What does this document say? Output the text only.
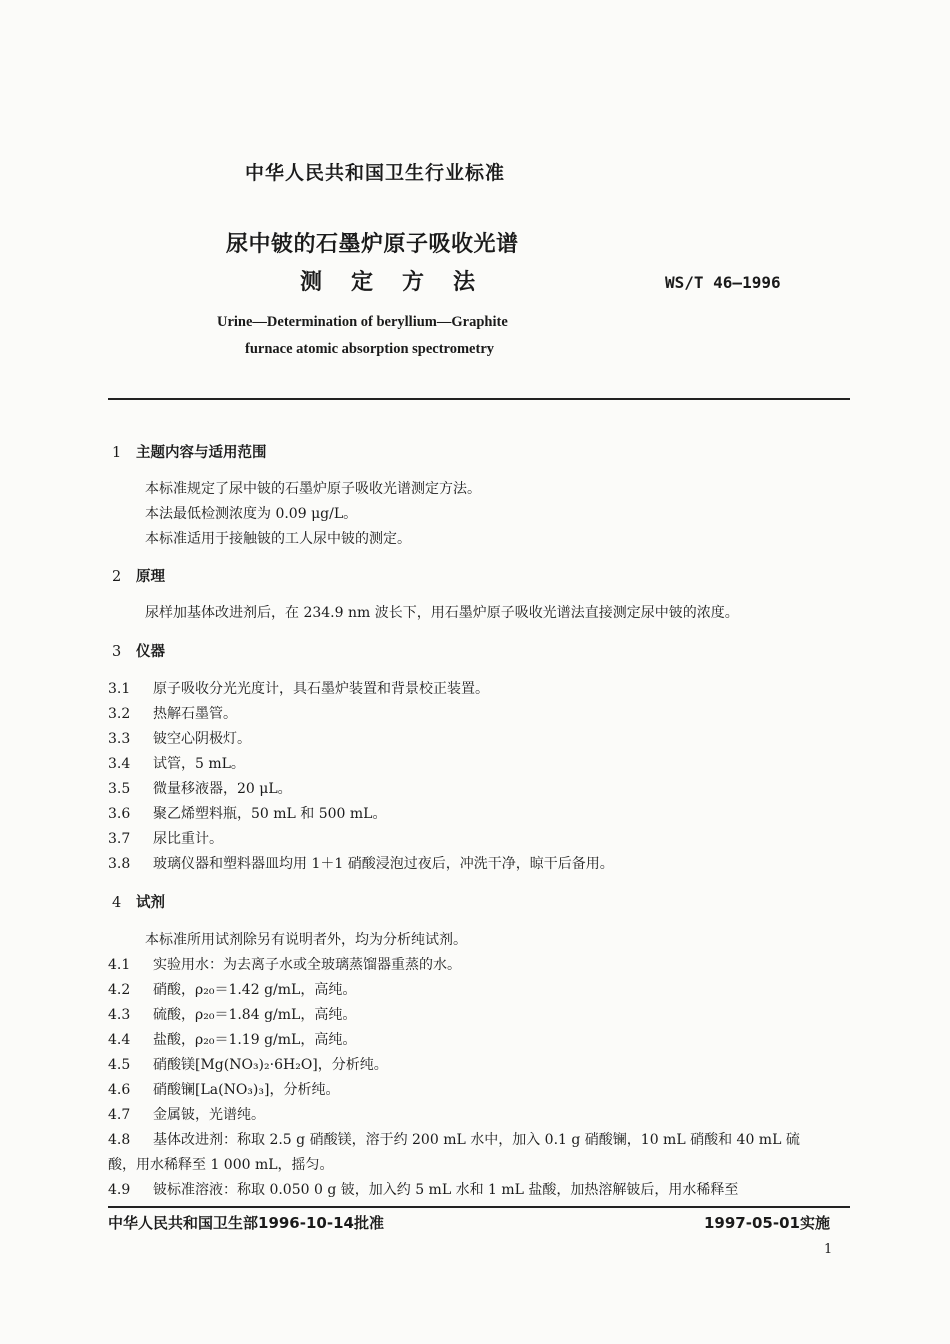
中华人民共和国卫生行业标准
尿中铍的石墨炉原子吸收光谱
测定方法	WS/T 46—1996
Urine—Determination of beryllium—Graphite
furnace atomic absorption spectrometry
1 主题内容与适用范围
本标准规定了尿中铍的石墨炉原子吸收光谱测定方法。
本法最低检测浓度为 0.09 μg/L。
本标准适用于接触铍的工人尿中铍的测定。
2 原理
尿样加基体改进剂后，在 234.9 nm 波长下，用石墨炉原子吸收光谱法直接测定尿中铍的浓度。
3 仪器
3.1 原子吸收分光光度计，具石墨炉装置和背景校正装置。
3.2 热解石墨管。
3.3 铍空心阴极灯。
3.4 试管，5 mL。
3.5 微量移液器，20 μL。
3.6 聚乙烯塑料瓶，50 mL 和 500 mL。
3.7 尿比重计。
3.8 玻璃仪器和塑料器皿均用 1＋1 硝酸浸泡过夜后，冲洗干净，晾干后备用。
4 试剂
本标准所用试剂除另有说明者外，均为分析纯试剂。
4.1 实验用水：为去离子水或全玻璃蒸馏器重蒸的水。
4.2 硝酸，ρ₂₀＝1.42 g/mL，高纯。
4.3 硫酸，ρ₂₀＝1.84 g/mL，高纯。
4.4 盐酸，ρ₂₀＝1.19 g/mL，高纯。
4.5 硝酸镁[Mg(NO₃)₂·6H₂O]，分析纯。
4.6 硝酸镧[La(NO₃)₃]，分析纯。
4.7 金属铍，光谱纯。
4.8 基体改进剂：称取 2.5 g 硝酸镁，溶于约 200 mL 水中，加入 0.1 g 硝酸镧，10 mL 硝酸和 40 mL 硫
酸，用水稀释至 1 000 mL，摇匀。
4.9 铍标准溶液：称取 0.050 0 g 铍，加入约 5 mL 水和 1 mL 盐酸，加热溶解铍后，用水稀释至
中华人民共和国卫生部1996-10-14批准	1997-05-01实施
1
